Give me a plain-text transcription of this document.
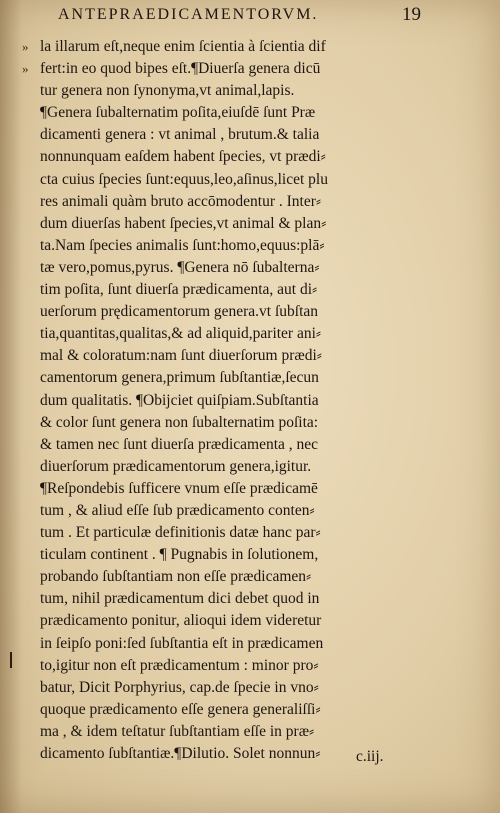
ANTEPRAEDICAMENTORVM.	19
» la illarum eſt,neque enim ſcientia à ſcientia dif
» fert:in eo quod bipes eſt.¶Diuerſa genera dicū
tur genera non ſynonyma,vt animal,lapis.
¶Genera ſubalternatim poſita,eiuſdē ſunt Præ
dicamenti genera : vt animal , brutum.& talia
nonnunquam eaſdem habent ſpecies, vt prædi⸗
cta cuius ſpecies ſunt:equus,leo,aſinus,licet plu
res animali quàm bruto accōmodentur . Inter⸗
dum diuerſas habent ſpecies,vt animal & plan⸗
ta.Nam ſpecies animalis ſunt:homo,equus:plā⸗
tæ vero,pomus,pyrus. ¶Genera nō ſubalterna⸗
tim poſita, ſunt diuerſa prædicamenta, aut di⸗
uerſorum prędicamentorum genera.vt ſubſtan
tia,quantitas,qualitas,& ad aliquid,pariter ani⸗
mal & coloratum:nam ſunt diuerſorum prædi⸗
camentorum genera,primum ſubſtantiæ,ſecun
dum qualitatis. ¶Obijciet quiſpiam.Subſtantia
& color ſunt genera non ſubalternatim poſita:
& tamen nec ſunt diuerſa prædicamenta , nec
diuerſorum prædicamentorum genera,igitur.
¶Reſpondebis ſufficere vnum eſſe prædicamē
tum , & aliud eſſe ſub prædicamento conten⸗
tum . Et particulæ definitionis datæ hanc par⸗
ticulam continent . ¶ Pugnabis in ſolutionem,
probando ſubſtantiam non eſſe prædicamen⸗
tum, nihil prædicamentum dici debet quod in
prædicamento ponitur, alioqui idem videretur
in ſeipſo poni:ſed ſubſtantia eſt in prædicamen
to,igitur non eſt prædicamentum : minor pro⸗
batur, Dicit Porphyrius, cap.de ſpecie in vno⸗
quoque prædicamento eſſe genera generaliſſi⸗
ma , & idem teſtatur ſubſtantiam eſſe in præ⸗
dicamento ſubſtantiæ.¶Dilutio. Solet nonnun⸗ c.iij.
